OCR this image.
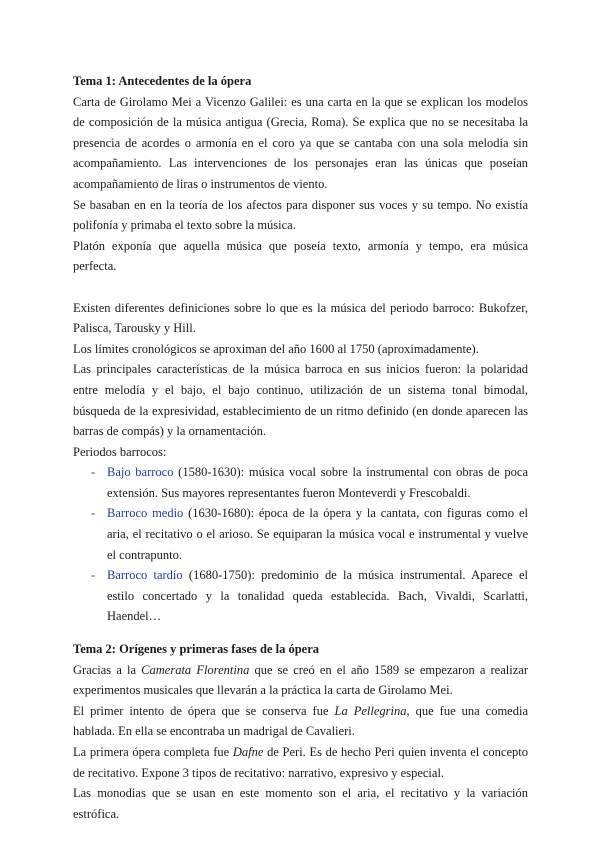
Tema 1: Antecedentes de la ópera

Carta de Girolamo Mei a Vicenzo Galilei: es una carta en la que se explican los modelos de composición de la música antigua (Grecia, Roma). Se explica que no se necesitaba la presencia de acordes o armonía en el coro ya que se cantaba con una sola melodía sin acompañamiento. Las intervenciones de los personajes eran las únicas que poseían acompañamiento de liras o instrumentos de viento.

Se basaban en en la teoría de los afectos para disponer sus voces y su tempo. No existía polifonía y primaba el texto sobre la música.

Platón exponía que aquella música que poseía texto, armonía y tempo, era música perfecta.

Existen diferentes definiciones sobre lo que es la música del periodo barroco: Bukofzer, Palisca, Tarousky y Hill.

Los límites cronológicos se aproximan del año 1600 al 1750 (aproximadamente).

Las principales características de la música barroca en sus inicios fueron: la polaridad entre melodía y el bajo, el bajo continuo, utilización de un sistema tonal bimodal, búsqueda de la expresividad, establecimiento de un ritmo definido (en donde aparecen las barras de compás) y la ornamentación.

Periodos barrocos:

- Bajo barroco (1580-1630): música vocal sobre la instrumental con obras de poca extensión. Sus mayores representantes fueron Monteverdi y Frescobaldi.
- Barroco medio (1630-1680): época de la ópera y la cantata, con figuras como el aria, el recitativo o el arioso. Se equiparan la música vocal e instrumental y vuelve el contrapunto.
- Barroco tardío (1680-1750): predominio de la música instrumental. Aparece el estilo concertado y la tonalidad queda establecida. Bach, Vivaldi, Scarlatti, Haendel…
Tema 2: Orígenes y primeras fases de la ópera

Gracias a la Camerata Florentina que se creó en el año 1589 se empezaron a realizar experimentos musicales que llevarán a la práctica la carta de Girolamo Mei.

El primer intento de ópera que se conserva fue La Pellegrina, que fue una comedia hablada. En ella se encontraba un madrigal de Cavalieri.

La primera ópera completa fue Dafne de Peri. Es de hecho Peri quien inventa el concepto de recitativo. Expone 3 tipos de recitativo: narrativo, expresivo y especial.

Las monodias que se usan en este momento son el aria, el recitativo y la variación estrófica.
